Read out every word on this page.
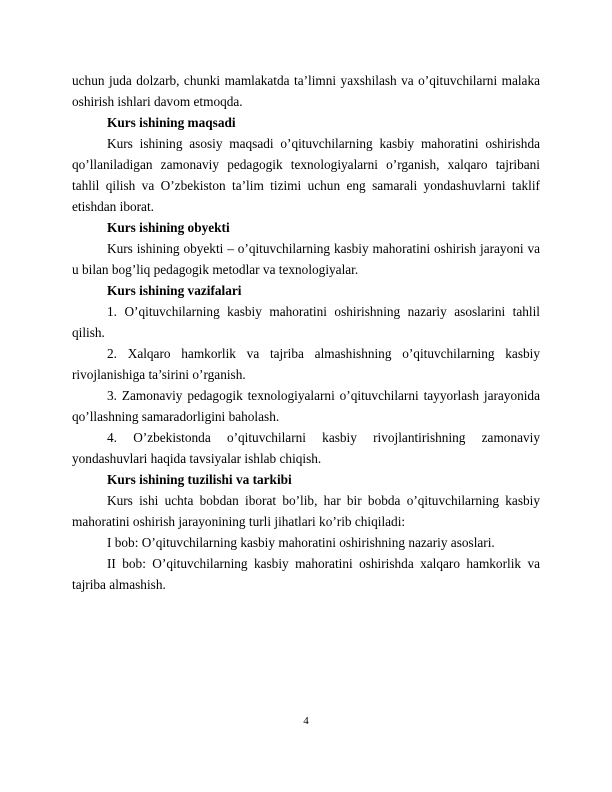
uchun juda dolzarb, chunki mamlakatda ta’limni yaxshilash va o’qituvchilarni malaka oshirish ishlari davom etmoqda.

Kurs ishining maqsadi

Kurs ishining asosiy maqsadi o’qituvchilarning kasbiy mahoratini oshirishda qo’llaniladigan zamonaviy pedagogik texnologiyalarni o’rganish, xalqaro tajribani tahlil qilish va O’zbekiston ta’lim tizimi uchun eng samarali yondashuvlarni taklif etishdan iborat.

Kurs ishining obyekti

Kurs ishining obyekti – o’qituvchilarning kasbiy mahoratini oshirish jarayoni va u bilan bog’liq pedagogik metodlar va texnologiyalar.

Kurs ishining vazifalari

1. O’qituvchilarning kasbiy mahoratini oshirishning nazariy asoslarini tahlil qilish.

2. Xalqaro hamkorlik va tajriba almashishning o’qituvchilarning kasbiy rivojlanishiga ta’sirini o’rganish.

3. Zamonaviy pedagogik texnologiyalarni o’qituvchilarni tayyorlash jarayonida qo’llashning samaradorligini baholash.

4. O’zbekistonda o’qituvchilarni kasbiy rivojlantirishning zamonaviy yondashuvlari haqida tavsiyalar ishlab chiqish.

Kurs ishining tuzilishi va tarkibi

Kurs ishi uchta bobdan iborat bo’lib, har bir bobda o’qituvchilarning kasbiy mahoratini oshirish jarayonining turli jihatlari ko’rib chiqiladi:

I bob: O’qituvchilarning kasbiy mahoratini oshirishning nazariy asoslari.

II bob: O’qituvchilarning kasbiy mahoratini oshirishda xalqaro hamkorlik va tajriba almashish.

4
